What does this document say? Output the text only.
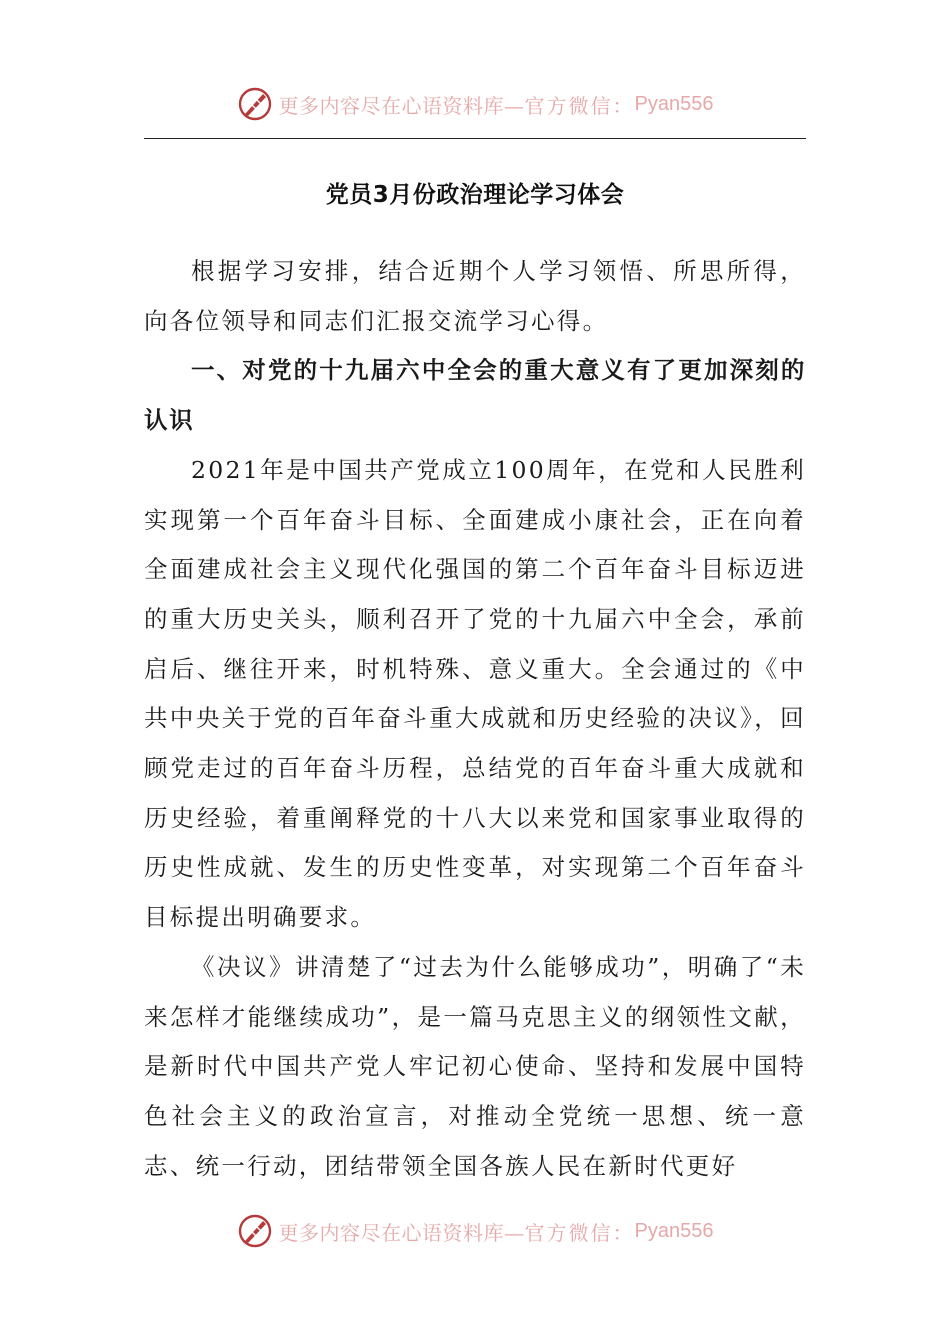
更多内容尽在心语资料库— 官方微信： Pyan556
党员3月份政治理论学习体会

根据学习安排，结合近期个人学习领悟、所思所得，向各位领导和同志们汇报交流学习心得。

一、对党的十九届六中全会的重大意义有了更加深刻的认识

2021年是中国共产党成立100周年，在党和人民胜利实现第一个百年奋斗目标、全面建成小康社会，正在向着全面建成社会主义现代化强国的第二个百年奋斗目标迈进的重大历史关头，顺利召开了党的十九届六中全会，承前启后、继往开来，时机特殊、意义重大。全会通过的《中共中央关于党的百年奋斗重大成就和历史经验的决议》，回顾党走过的百年奋斗历程，总结党的百年奋斗重大成就和历史经验，着重阐释党的十八大以来党和国家事业取得的历史性成就、发生的历史性变革，对实现第二个百年奋斗目标提出明确要求。

《决议》讲清楚了“过去为什么能够成功”，明确了“未来怎样才能继续成功”，是一篇马克思主义的纲领性文献，是新时代中国共产党人牢记初心使命、坚持和发展中国特色社会主义的政治宣言，对推动全党统一思想、统一意志、统一行动，团结带领全国各族人民在新时代更好

更多内容尽在心语资料库— 官方微信： Pyan556
